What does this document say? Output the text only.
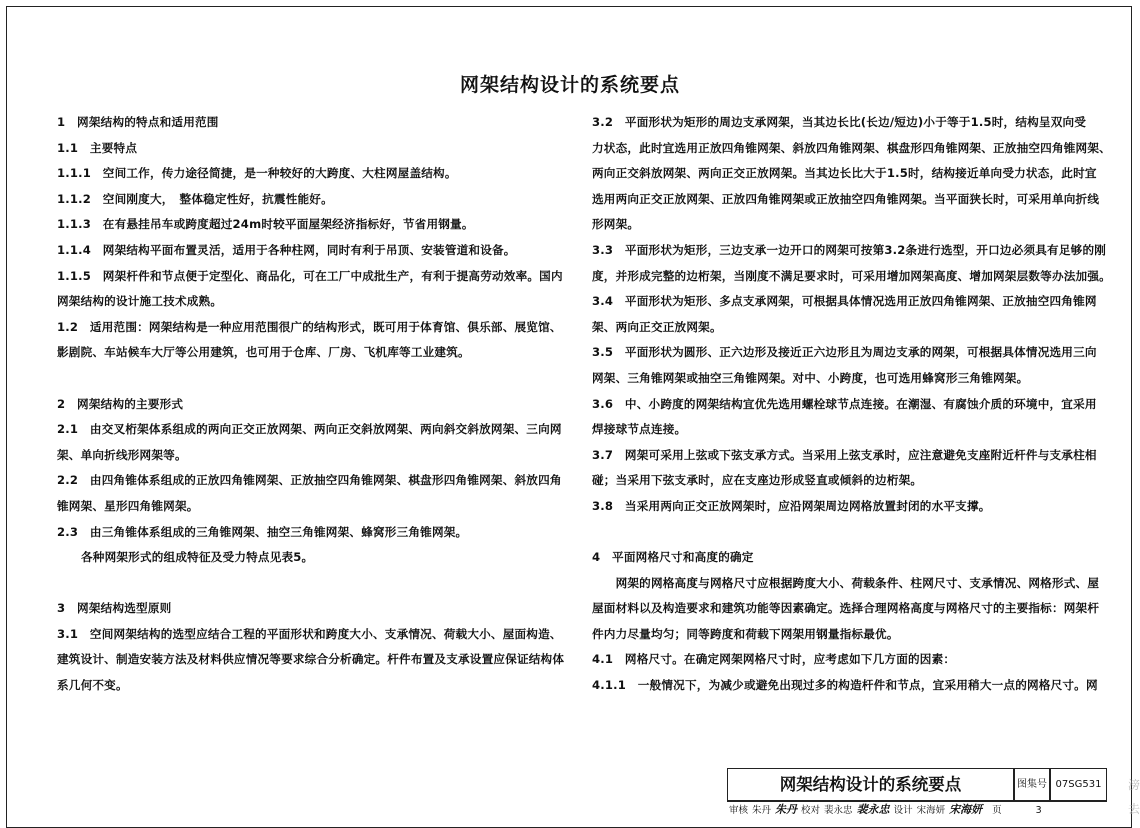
网架结构设计的系统要点
1　网架结构的特点和适用范围
1.1　主要特点
1.1.1　空间工作，传力途径简捷，是一种较好的大跨度、大柱网屋盖结构。
1.1.2　空间刚度大，　整体稳定性好，抗震性能好。
1.1.3　在有悬挂吊车或跨度超过24m时较平面屋架经济指标好，节省用钢量。
1.1.4　网架结构平面布置灵活，适用于各种柱网，同时有利于吊顶、安装管道和设备。
1.1.5　网架杆件和节点便于定型化、商品化，可在工厂中成批生产，有利于提高劳动效率。国内
网架结构的设计施工技术成熟。
1.2　适用范围：网架结构是一种应用范围很广的结构形式，既可用于体育馆、俱乐部、展览馆、
影剧院、车站候车大厅等公用建筑，也可用于仓库、厂房、飞机库等工业建筑。
2　网架结构的主要形式
2.1　由交叉桁架体系组成的两向正交正放网架、两向正交斜放网架、两向斜交斜放网架、三向网
架、单向折线形网架等。
2.2　由四角锥体系组成的正放四角锥网架、正放抽空四角锥网架、棋盘形四角锥网架、斜放四角
锥网架、星形四角锥网架。
2.3　由三角锥体系组成的三角锥网架、抽空三角锥网架、蜂窝形三角锥网架。
各种网架形式的组成特征及受力特点见表5。
3　网架结构选型原则
3.1　空间网架结构的选型应结合工程的平面形状和跨度大小、支承情况、荷载大小、屋面构造、
建筑设计、制造安装方法及材料供应情况等要求综合分析确定。杆件布置及支承设置应保证结构体
系几何不变。
3.2　平面形状为矩形的周边支承网架，当其边长比(长边/短边)小于等于1.5时，结构呈双向受
力状态，此时宜选用正放四角锥网架、斜放四角锥网架、棋盘形四角锥网架、正放抽空四角锥网架、
两向正交斜放网架、两向正交正放网架。当其边长比大于1.5时，结构接近单向受力状态，此时宜
选用两向正交正放网架、正放四角锥网架或正放抽空四角锥网架。当平面狭长时，可采用单向折线
形网架。
3.3　平面形状为矩形，三边支承一边开口的网架可按第3.2条进行选型，开口边必须具有足够的刚
度，并形成完整的边桁架，当刚度不满足要求时，可采用增加网架高度、增加网架层数等办法加强。
3.4　平面形状为矩形、多点支承网架，可根据具体情况选用正放四角锥网架、正放抽空四角锥网
架、两向正交正放网架。
3.5　平面形状为圆形、正六边形及接近正六边形且为周边支承的网架，可根据具体情况选用三向
网架、三角锥网架或抽空三角锥网架。对中、小跨度，也可选用蜂窝形三角锥网架。
3.6　中、小跨度的网架结构宜优先选用螺栓球节点连接。在潮湿、有腐蚀介质的环境中，宜采用
焊接球节点连接。
3.7　网架可采用上弦或下弦支承方式。当采用上弦支承时，应注意避免支座附近杆件与支承柱相
碰；当采用下弦支承时，应在支座边形成竖直或倾斜的边桁架。
3.8　当采用两向正交正放网架时，应沿网架周边网格放置封闭的水平支撑。
4　平面网格尺寸和高度的确定
　　网架的网格高度与网格尺寸应根据跨度大小、荷载条件、柱网尺寸、支承情况、网格形式、屋
屋面材料以及构造要求和建筑功能等因素确定。选择合理网格高度与网格尺寸的主要指标：网架杆
件内力尽量均匀；同等跨度和荷载下网架用钢量指标最优。
4.1　网格尺寸。在确定网架网格尺寸时，应考虑如下几方面的因素：
4.1.1　一般情况下，为减少或避免出现过多的构造杆件和节点，宜采用稍大一点的网格尺寸。网
网架结构设计的系统要点	图集号 07SG531
审核 朱丹 朱丹 校对 裴永忠 裴永忠 设计 宋海妍 宋海妍 页	3
滂
去
